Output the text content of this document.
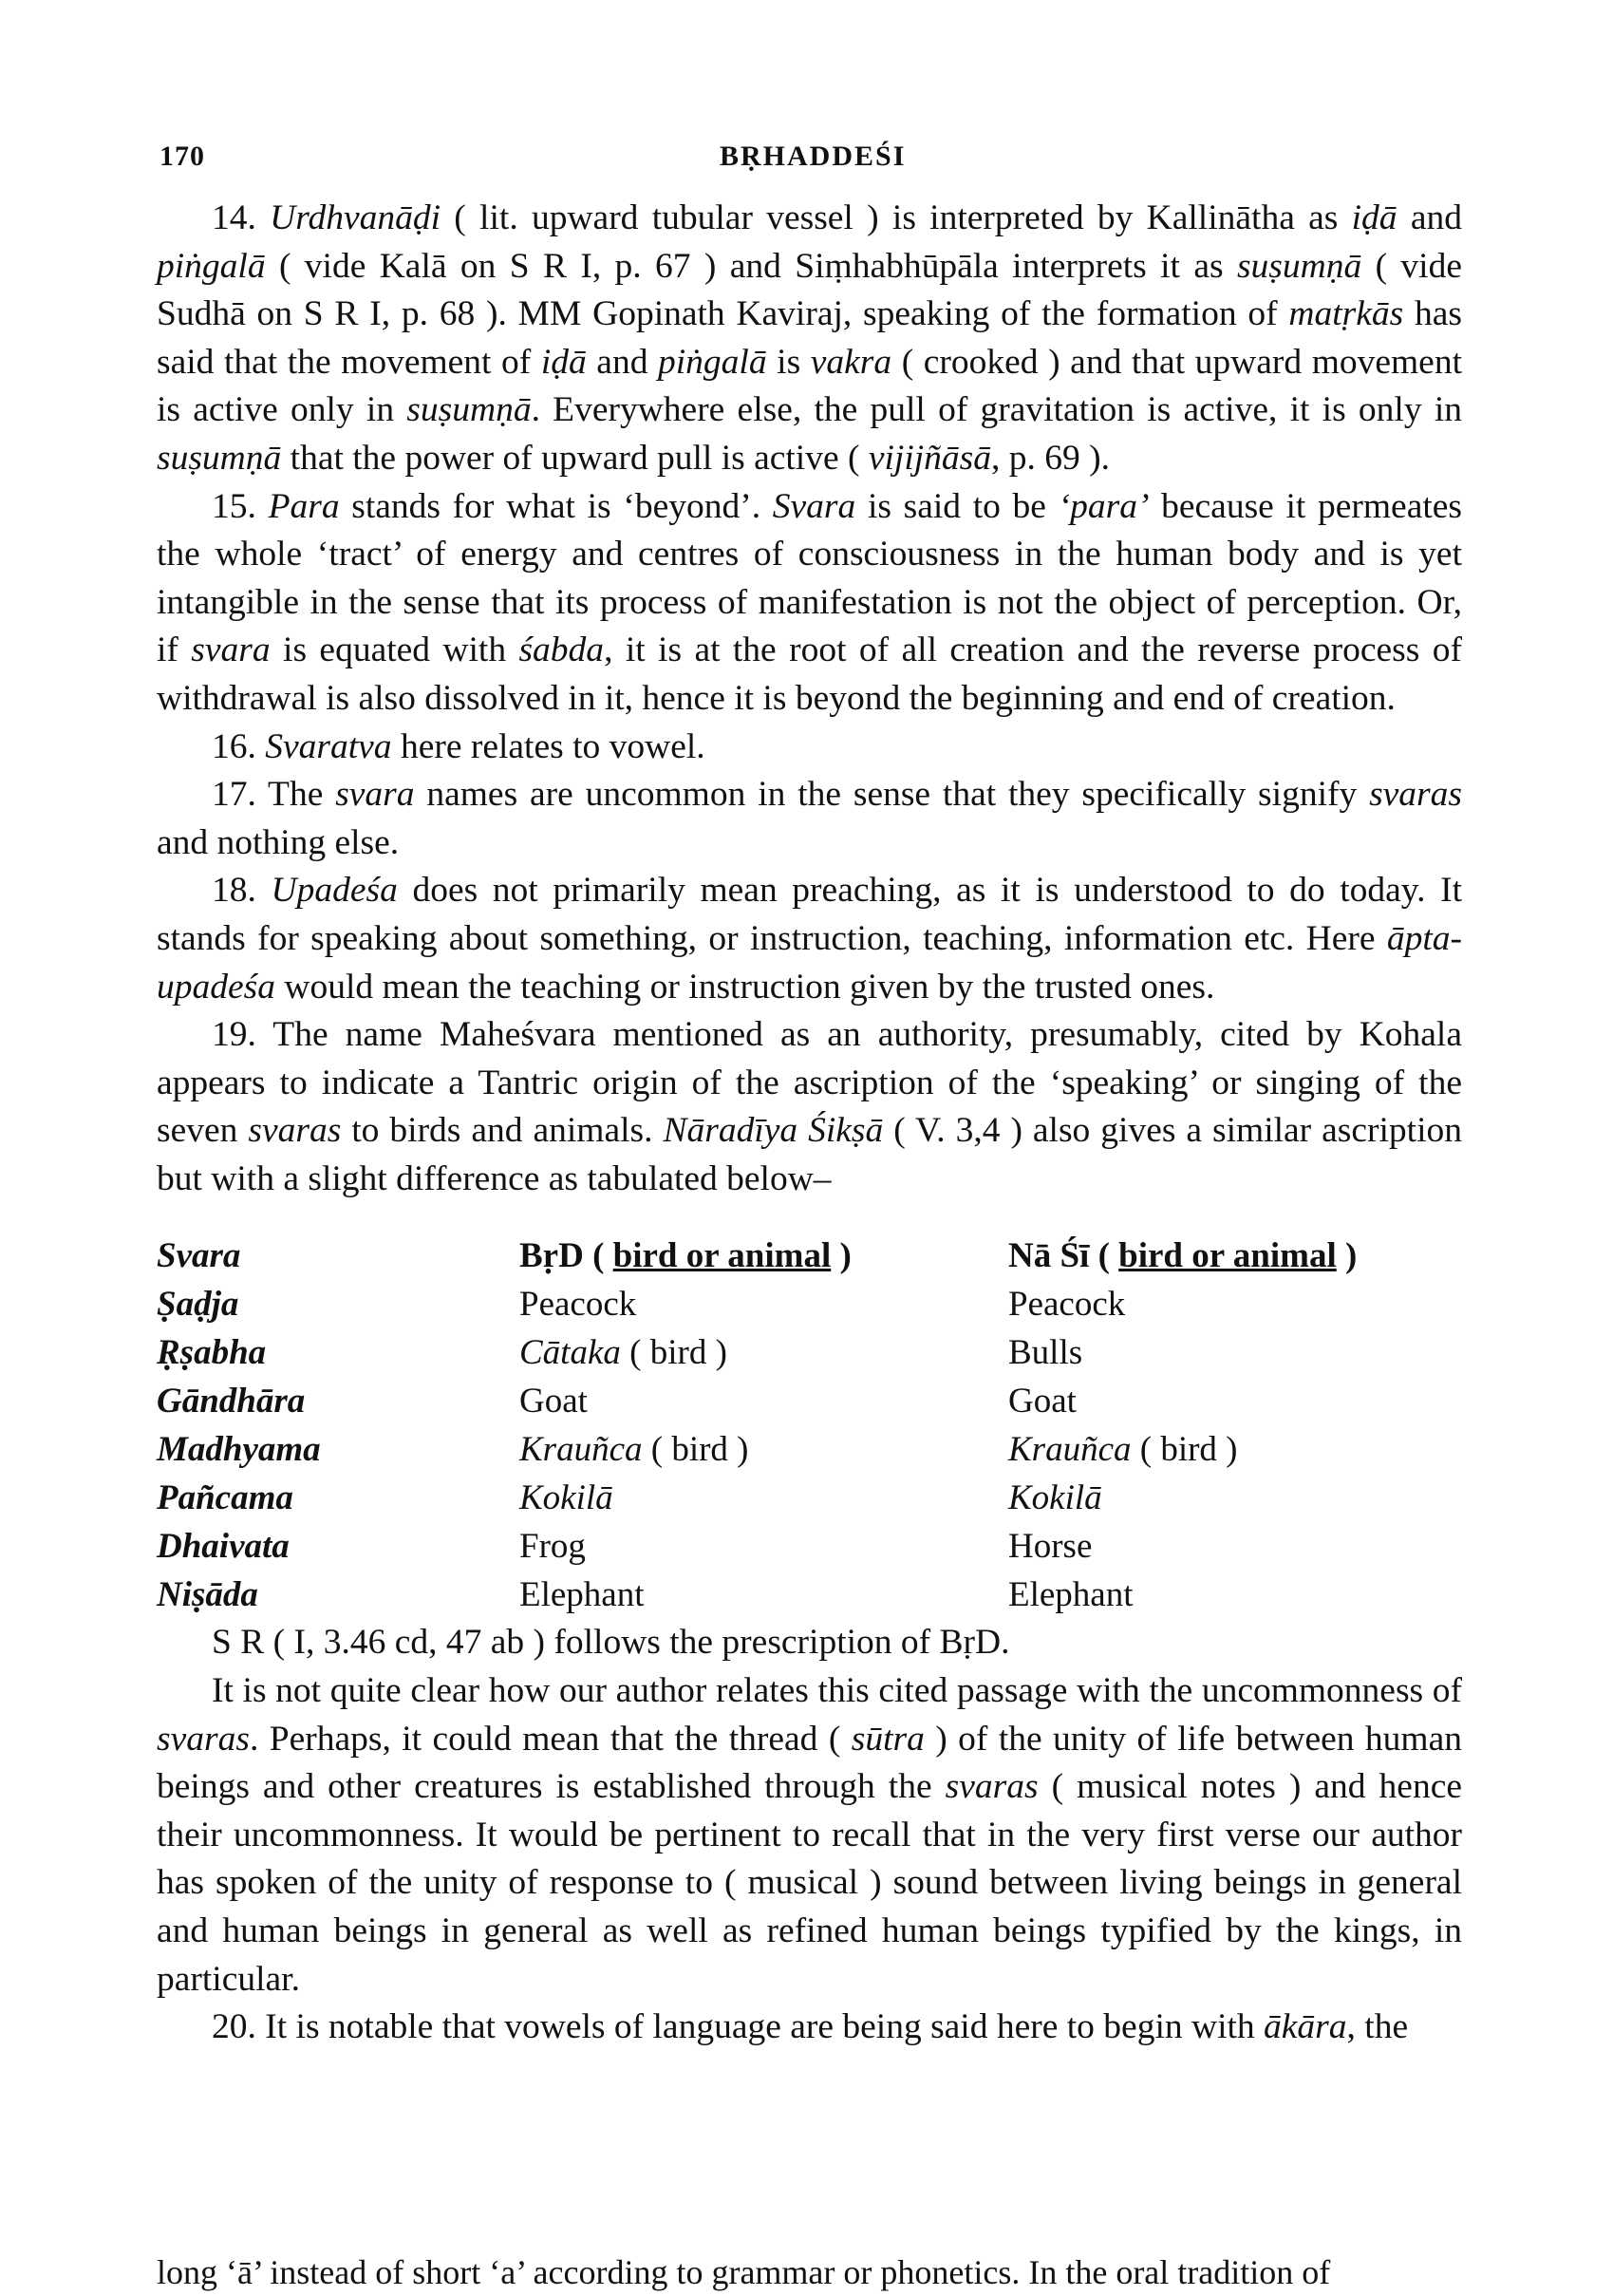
170	BṚHADDEŚI

14. Urdhvanāḍi ( lit. upward tubular vessel ) is interpreted by Kallinātha as iḍā and piṅgalā ( vide Kalā on S R I, p. 67 ) and Siṃhabhūpāla interprets it as suṣumṇā ( vide Sudhā on S R I, p. 68 ). MM Gopinath Kaviraj, speaking of the formation of matṛkās has said that the movement of iḍā and piṅgalā is vakra ( crooked ) and that upward movement is active only in suṣumṇā. Everywhere else, the pull of gravitation is active, it is only in suṣumṇā that the power of upward pull is active ( vijijñāsā, p. 69 ).

15. Para stands for what is ‘beyond’. Svara is said to be ‘para’ because it permeates the whole ‘tract’ of energy and centres of consciousness in the human body and is yet intangible in the sense that its process of manifestation is not the object of perception. Or, if svara is equated with śabda, it is at the root of all creation and the reverse process of withdrawal is also dissolved in it, hence it is beyond the beginning and end of creation.

16. Svaratva here relates to vowel.

17. The svara names are uncommon in the sense that they specifically signify svaras and nothing else.

18. Upadeśa does not primarily mean preaching, as it is understood to do today. It stands for speaking about something, or instruction, teaching, information etc. Here āpta-upadeśa would mean the teaching or instruction given by the trusted ones.

19. The name Maheśvara mentioned as an authority, presumably, cited by Kohala appears to indicate a Tantric origin of the ascription of the ‘speaking’ or singing of the seven svaras to birds and animals. Nāradīya Śikṣā ( V. 3,4 ) also gives a similar ascription but with a slight difference as tabulated below–

Svara	BṛD ( bird or animal )	Nā Śī ( bird or animal )
Ṣaḍja	Peacock	Peacock
Ṛṣabha	Cātaka ( bird )	Bulls
Gāndhāra	Goat	Goat
Madhyama	Krauñca ( bird )	Krauñca ( bird )
Pañcama	Kokilā	Kokilā
Dhaivata	Frog	Horse
Niṣāda	Elephant	Elephant

S R ( I, 3.46 cd, 47 ab ) follows the prescription of BṛD.

It is not quite clear how our author relates this cited passage with the uncommonness of svaras. Perhaps, it could mean that the thread ( sūtra ) of the unity of life between human beings and other creatures is established through the svaras ( musical notes ) and hence their uncommonness. It would be pertinent to recall that in the very first verse our author has spoken of the unity of response to ( musical ) sound between living beings in general and human beings in general as well as refined human beings typified by the kings, in particular.

20. It is notable that vowels of language are being said here to begin with ākāra, the

long ‘ā’ instead of short ‘a’ according to grammar or phonetics. In the oral tradition of
